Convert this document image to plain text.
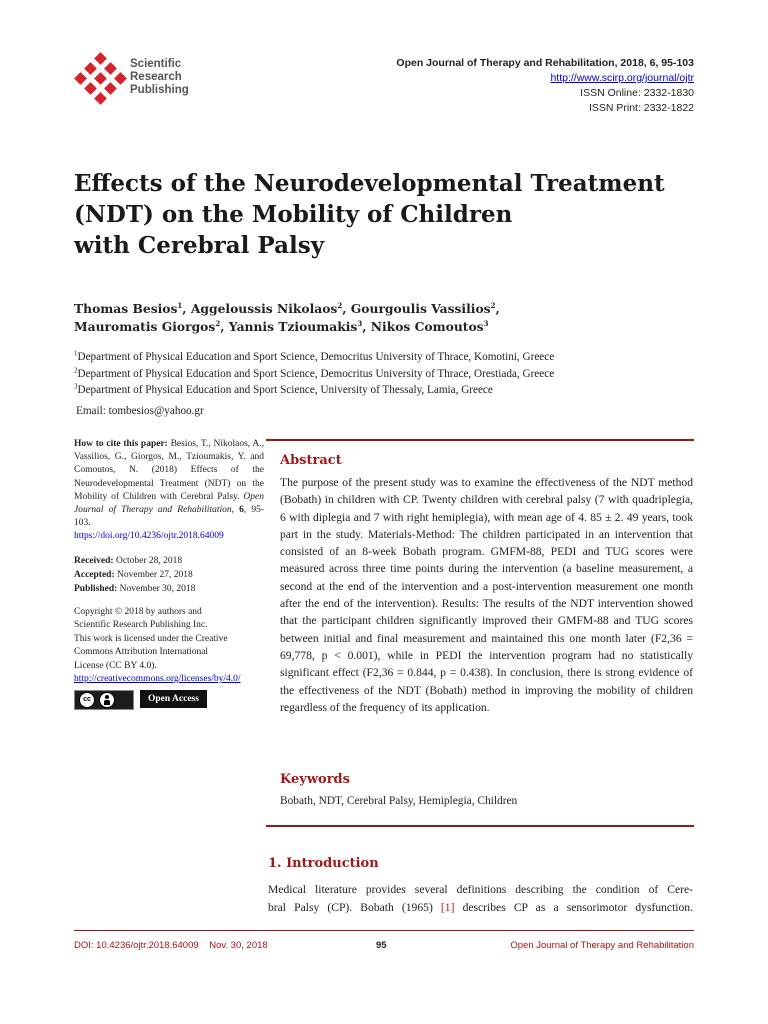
Scientific
Research
Publishing
Open Journal of Therapy and Rehabilitation, 2018, 6, 95-103
http://www.scirp.org/journal/ojtr
ISSN Online: 2332-1830
ISSN Print: 2332-1822
Effects of the Neurodevelopmental Treatment
(NDT) on the Mobility of Children
with Cerebral Palsy
Thomas Besios$^1$, Aggeloussis Nikolaos$^2$, Gourgoulis Vassilios$^2$,
Mauromatis Giorgos$^2$, Yannis Tzioumakis$^3$, Nikos Comoutos$^3$
$^1$Department of Physical Education and Sport Science, Democritus University of Thrace, Komotini, Greece
$^2$Department of Physical Education and Sport Science, Democritus University of Thrace, Orestiada, Greece
$^3$Department of Physical Education and Sport Science, University of Thessaly, Lamia, Greece
Email: tombesios@yahoo.gr
How to cite this paper: Besios, T., Nikolaos, A., Vassilios, G., Giorgos, M., Tzioumakis, Y. and Comoutos, N. (2018) Effects of the Neurodevelopmental Treatment (NDT) on the Mobility of Children with Cerebral Palsy. Open Journal of Therapy and Rehabilitation, 6, 95-103.
https://doi.org/10.4236/ojtr.2018.64009
Received: October 28, 2018
Accepted: November 27, 2018
Published: November 30, 2018
Copyright © 2018 by authors and
Scientific Research Publishing Inc.
This work is licensed under the Creative
Commons Attribution International
License (CC BY 4.0).
http://creativecommons.org/licenses/by/4.0/
cc	Open Access
Abstract
The purpose of the present study was to examine the effectiveness of the NDT method (Bobath) in children with CP. Twenty children with cerebral palsy (7 with quadriplegia, 6 with diplegia and 7 with right hemiplegia), with mean age of 4. 85 ± 2. 49 years, took part in the study. Materials-Method: The children participated in an intervention that consisted of an 8-week Bobath program. GMFM-88, PEDI and TUG scores were measured across three time points during the intervention (a baseline measurement, a second at the end of the intervention and a post-intervention measurement one month after the end of the intervention). Results: The results of the NDT intervention showed that the participant children significantly improved their GMFM-88 and TUG scores between initial and final measurement and maintained this one month later (F2,36 = 69,778, p < 0.001), while in PEDI the intervention program had no statistically significant effect (F2,36 = 0.844, p = 0.438). In conclusion, there is strong evidence of the effectiveness of the NDT (Bobath) method in improving the mobility of children regardless of the frequency of its application.
Keywords
Bobath, NDT, Cerebral Palsy, Hemiplegia, Children
1. Introduction
Medical literature provides several definitions describing the condition of Cere-
bral Palsy (CP). Bobath (1965) [1] describes CP as a sensorimotor dysfunction.
DOI: 10.4236/ojtr.2018.64009 Nov. 30, 2018	95	Open Journal of Therapy and Rehabilitation
